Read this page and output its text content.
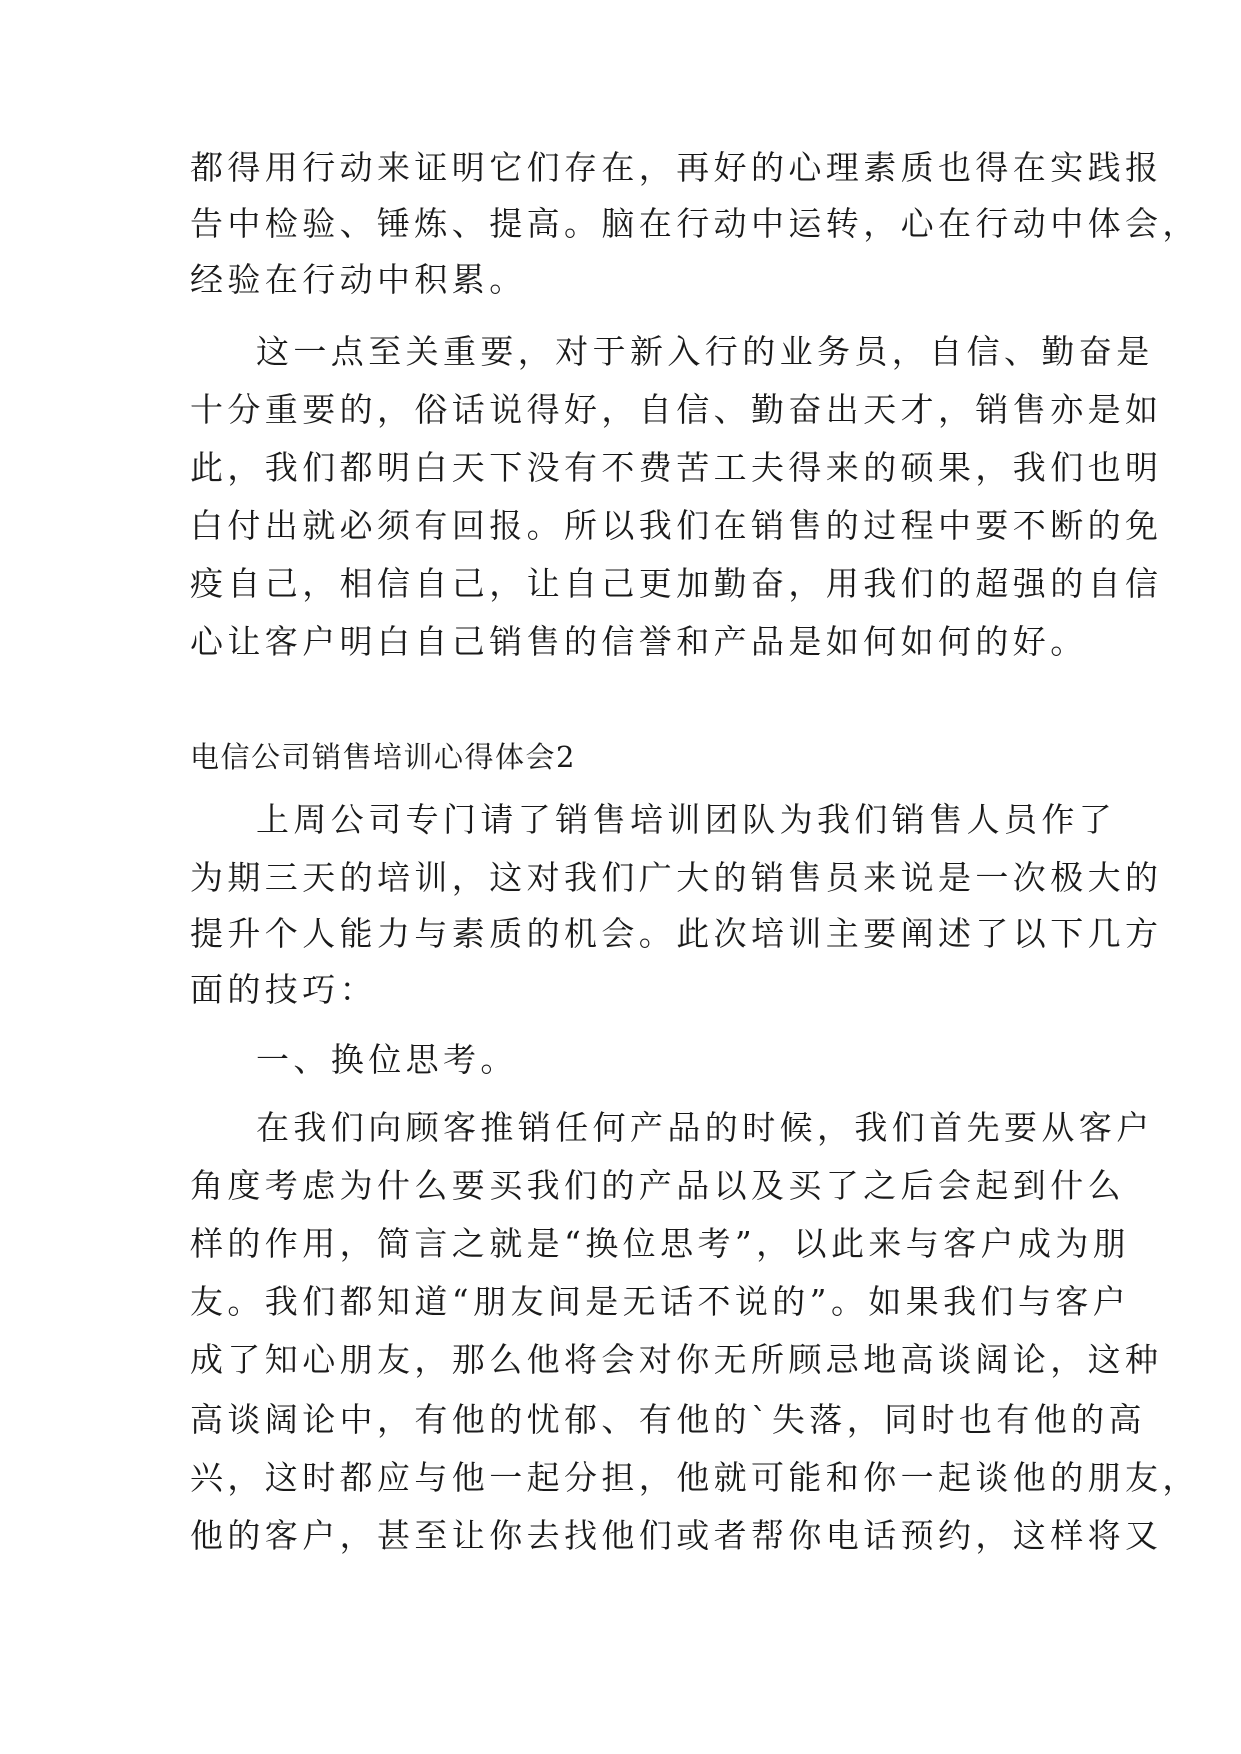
都得用行动来证明它们存在，再好的心理素质也得在实践报
告中检验、锤炼、提高。脑在行动中运转，心在行动中体会，
经验在行动中积累。
这一点至关重要，对于新入行的业务员，自信、勤奋是
十分重要的，俗话说得好，自信、勤奋出天才，销售亦是如
此，我们都明白天下没有不费苦工夫得来的硕果，我们也明
白付出就必须有回报。所以我们在销售的过程中要不断的免
疫自己，相信自己，让自己更加勤奋，用我们的超强的自信
心让客户明白自己销售的信誉和产品是如何如何的好。
电信公司销售培训心得体会2
上周公司专门请了销售培训团队为我们销售人员作了
为期三天的培训，这对我们广大的销售员来说是一次极大的
提升个人能力与素质的机会。此次培训主要阐述了以下几方
面的技巧：
一、换位思考。
在我们向顾客推销任何产品的时候，我们首先要从客户
角度考虑为什么要买我们的产品以及买了之后会起到什么
样的作用，简言之就是“换位思考”，以此来与客户成为朋
友。我们都知道“朋友间是无话不说的”。如果我们与客户
成了知心朋友，那么他将会对你无所顾忌地高谈阔论，这种
高谈阔论中，有他的忧郁、有他的`失落，同时也有他的高
兴，这时都应与他一起分担，他就可能和你一起谈他的朋友，
他的客户，甚至让你去找他们或者帮你电话预约，这样将又
